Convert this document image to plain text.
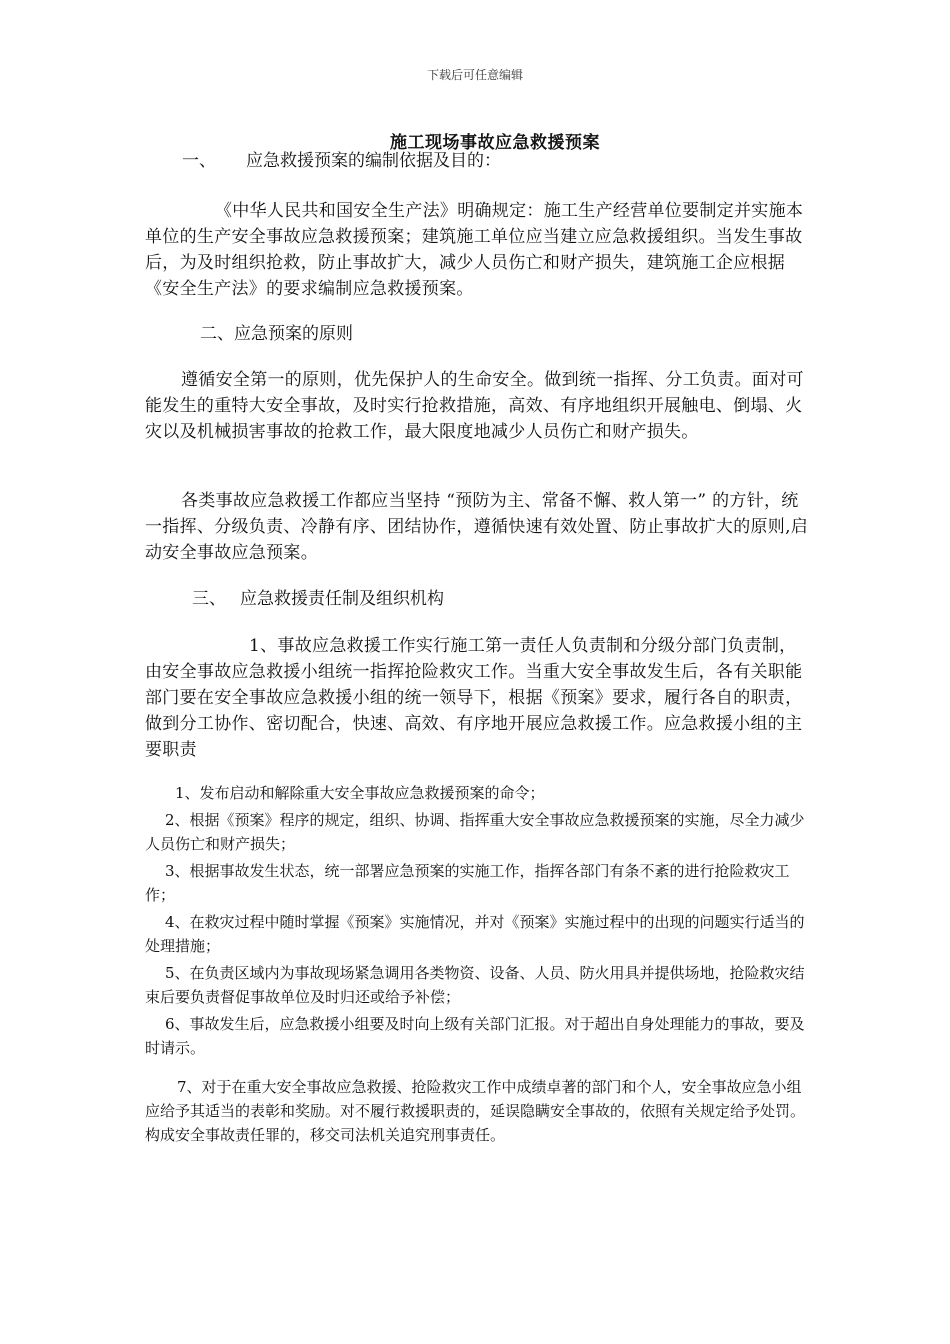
下载后可任意编辑
施工现场事故应急救援预案
一、 应急救援预案的编制依据及目的：
《中华人民共和国安全生产法》明确规定：施工生产经营单位要制定并实施本单位的生产安全事故应急救援预案；建筑施工单位应当建立应急救援组织。当发生事故后，为及时组织抢救，防止事故扩大，减少人员伤亡和财产损失，建筑施工企应根据《安全生产法》的要求编制应急救援预案。
二、应急预案的原则
遵循安全第一的原则，优先保护人的生命安全。做到统一指挥、分工负责。面对可能发生的重特大安全事故，及时实行抢救措施，高效、有序地组织开展触电、倒塌、火灾以及机械损害事故的抢救工作，最大限度地减少人员伤亡和财产损失。
各类事故应急救援工作都应当坚持 “预防为主、常备不懈、救人第一” 的方针，统一指挥、分级负责、冷静有序、团结协作，遵循快速有效处置、防止事故扩大的原则,启动安全事故应急预案。
三、 应急救援责任制及组织机构
1、事故应急救援工作实行施工第一责任人负责制和分级分部门负责制，由安全事故应急救援小组统一指挥抢险救灾工作。当重大安全事故发生后，各有关职能部门要在安全事故应急救援小组的统一领导下，根据《预案》要求，履行各自的职责，做到分工协作、密切配合，快速、高效、有序地开展应急救援工作。应急救援小组的主要职责

1、发布启动和解除重大安全事故应急救援预案的命令；

2、根据《预案》程序的规定，组织、协调、指挥重大安全事故应急救援预案的实施，尽全力减少人员伤亡和财产损失；

3、根据事故发生状态，统一部署应急预案的实施工作，指挥各部门有条不紊的进行抢险救灾工作；

4、在救灾过程中随时掌握《预案》实施情况，并对《预案》实施过程中的出现的问题实行适当的处理措施；

5、在负责区域内为事故现场紧急调用各类物资、设备、人员、防火用具并提供场地，抢险救灾结束后要负责督促事故单位及时归还或给予补偿；

6、事故发生后，应急救援小组要及时向上级有关部门汇报。对于超出自身处理能力的事故，要及时请示。

7、对于在重大安全事故应急救援、抢险救灾工作中成绩卓著的部门和个人，安全事故应急小组应给予其适当的表彰和奖励。对不履行救援职责的，延误隐瞒安全事故的，依照有关规定给予处罚。构成安全事故责任罪的，移交司法机关追究刑事责任。
